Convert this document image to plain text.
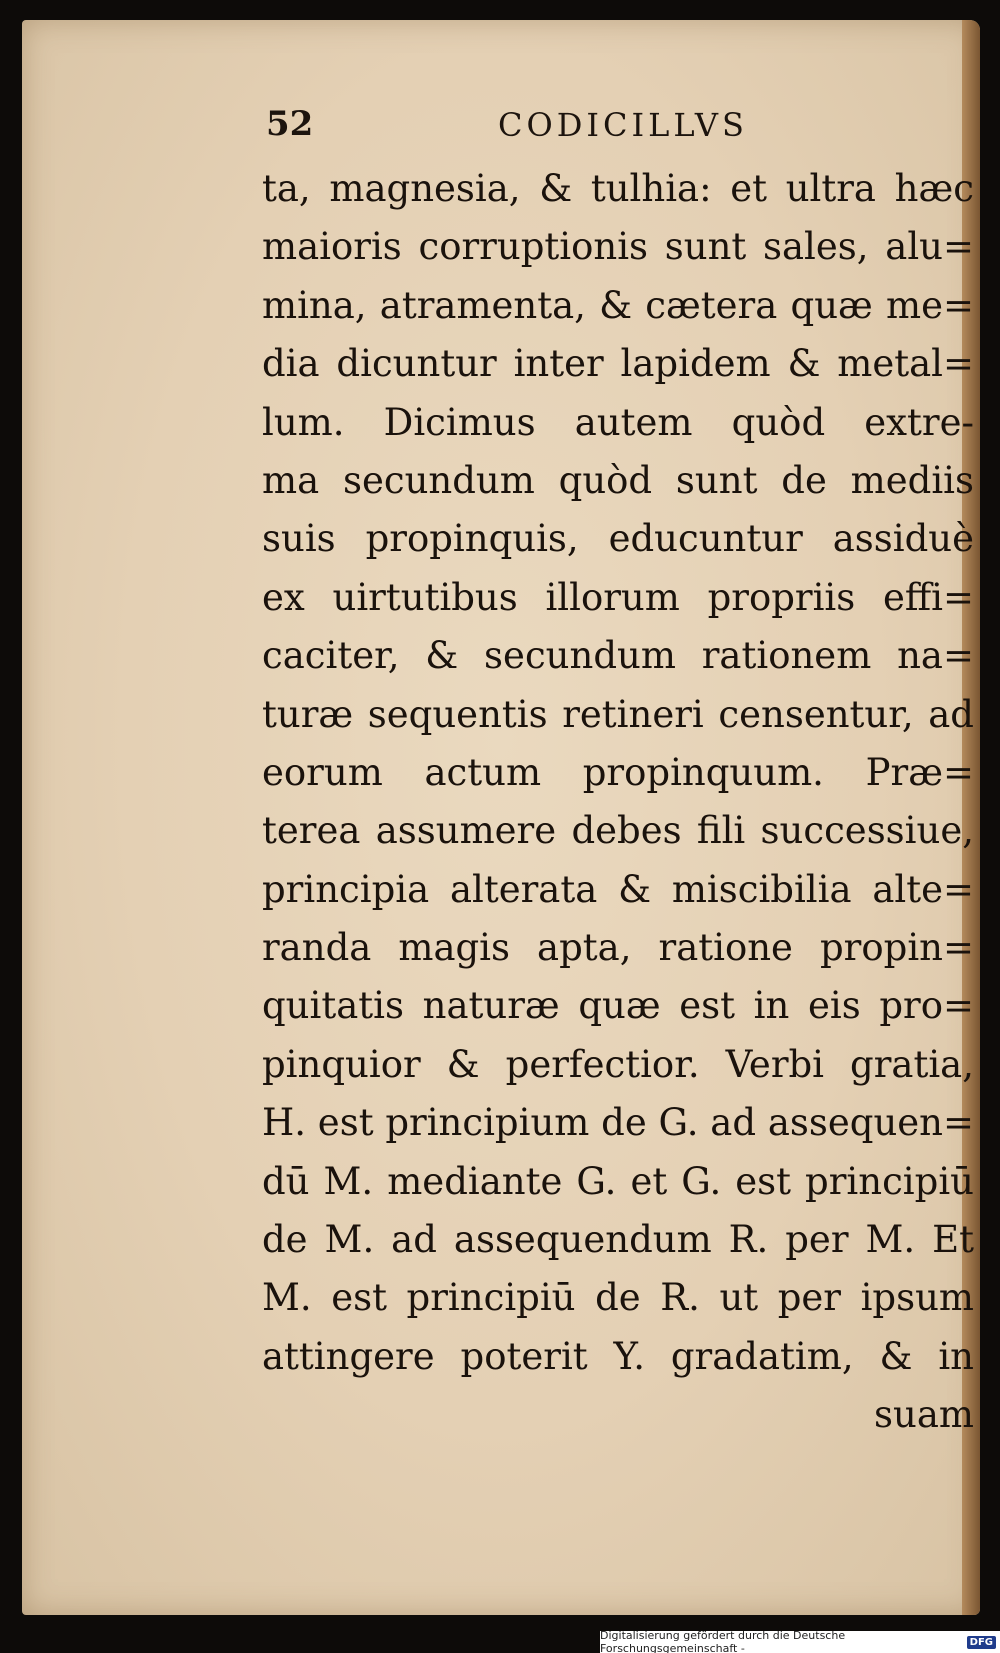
52	CODICILLVS
ta, magnesia, & tulhia: et ultra hæc
maioris corruptionis sunt sales, alu=
mina, atramenta, & cætera quæ me=
dia dicuntur inter lapidem & metal=
lum. Dicimus autem quòd extre-
ma secundum quòd sunt de mediis
suis propinquis, educuntur assiduè
ex uirtutibus illorum propriis effi=
caciter, & secundum rationem na=
turæ sequentis retineri censentur, ad
eorum actum propinquum. Præ=
terea assumere debes fili successiue,
principia alterata & miscibilia alte=
randa magis apta, ratione propin=
quitatis naturæ quæ est in eis pro=
pinquior & perfectior. Verbi gratia,
H. est principium de G. ad assequen=
dū M. mediante G. et G. est principiū
de M. ad assequendum R. per M. Et
M. est principiū de R. ut per ipsum
attingere poterit Y. gradatim, & in
suam
Digitalisierung gefördert durch die Deutsche Forschungsgemeinschaft -	DFG
